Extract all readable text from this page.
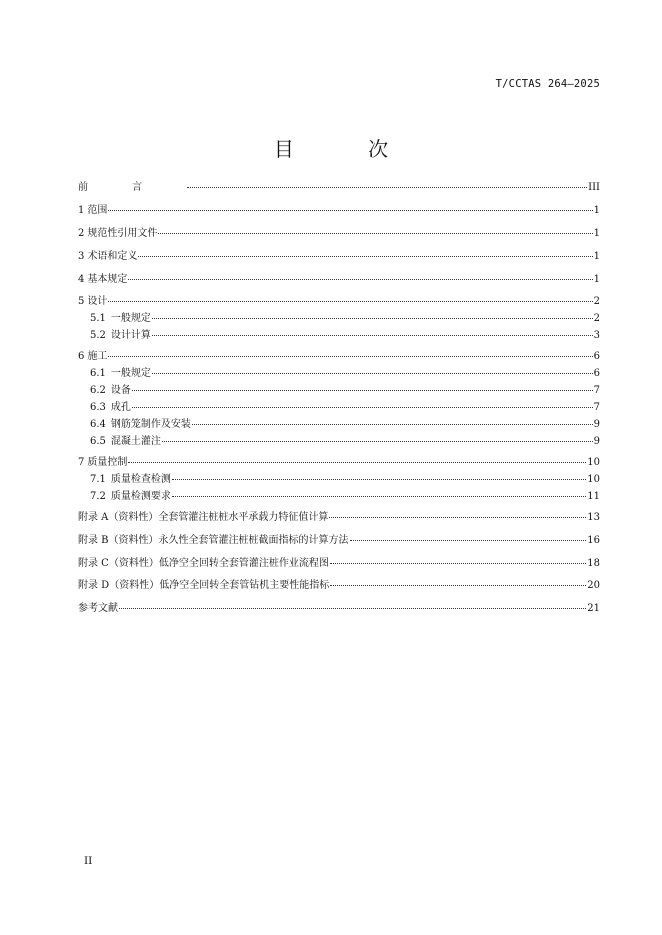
T/CCTAS 264—2025
目 次
前言	III
1 范围	1
2 规范性引用文件	1
3 术语和定义	1
4 基本规定	1
5 设计	2
5.1 一般规定	2
5.2 设计计算	3
6 施工	6
6.1 一般规定	6
6.2 设备	7
6.3 成孔	7
6.4 钢筋笼制作及安装	9
6.5 混凝土灌注	9
7 质量控制	10
7.1 质量检查检测	10
7.2 质量检测要求	11
附录 A（资料性）全套管灌注桩桩水平承载力特征值计算	13
附录 B（资料性）永久性全套管灌注桩桩截面指标的计算方法	16
附录 C（资料性）低净空全回转全套管灌注桩作业流程图	18
附录 D（资料性）低净空全回转全套管钻机主要性能指标	20
参考文献	21
II
